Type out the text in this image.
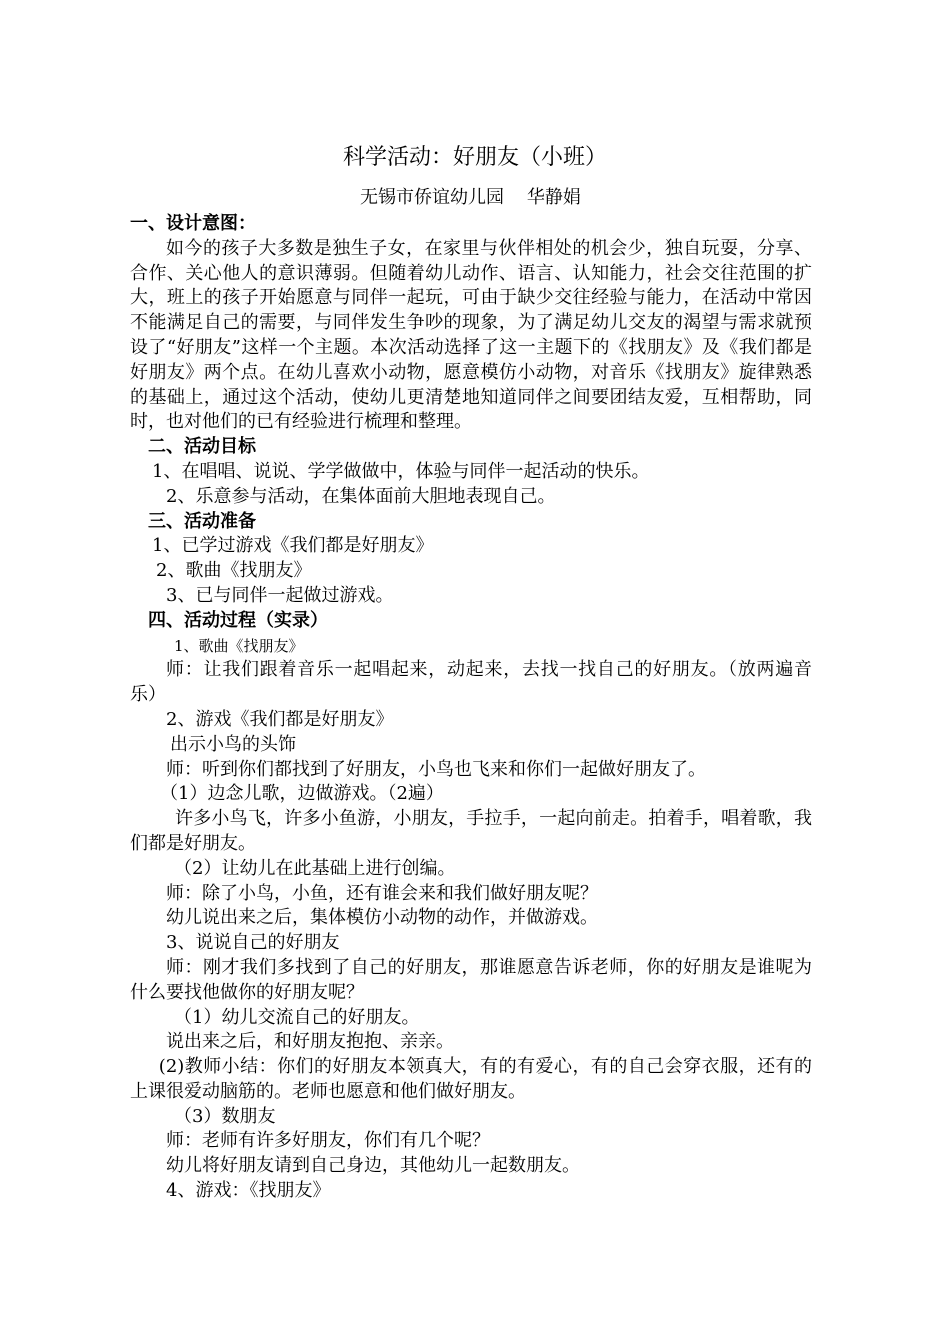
科学活动：好朋友（小班）
无锡市侨谊幼儿园    华静娟

一、设计意图：

如今的孩子大多数是独生子女，在家里与伙伴相处的机会少，独自玩耍，分享、合作、关心他人的意识薄弱。但随着幼儿动作、语言、认知能力，社会交往范围的扩大，班上的孩子开始愿意与同伴一起玩，可由于缺少交往经验与能力，在活动中常因不能满足自己的需要，与同伴发生争吵的现象，为了满足幼儿交友的渴望与需求就预设了“好朋友”这样一个主题。本次活动选择了这一主题下的《找朋友》及《我们都是好朋友》两个点。在幼儿喜欢小动物，愿意模仿小动物，对音乐《找朋友》旋律熟悉的基础上，通过这个活动，使幼儿更清楚地知道同伴之间要团结友爱，互相帮助，同时，也对他们的已有经验进行梳理和整理。

二、活动目标

1、在唱唱、说说、学学做做中，体验与同伴一起活动的快乐。

2、乐意参与活动，在集体面前大胆地表现自己。

三、活动准备

1、已学过游戏《我们都是好朋友》

2、歌曲《找朋友》

3、已与同伴一起做过游戏。

四、活动过程（实录）

1、歌曲《找朋友》

师：让我们跟着音乐一起唱起来，动起来，去找一找自己的好朋友。（放两遍音乐）

2、游戏《我们都是好朋友》

出示小鸟的头饰

师：听到你们都找到了好朋友，小鸟也飞来和你们一起做好朋友了。

（1）边念儿歌，边做游戏。（2遍）

许多小鸟飞，许多小鱼游，小朋友，手拉手，一起向前走。拍着手，唱着歌，我们都是好朋友。

（2）让幼儿在此基础上进行创编。

师：除了小鸟，小鱼，还有谁会来和我们做好朋友呢？

幼儿说出来之后，集体模仿小动物的动作，并做游戏。

3、说说自己的好朋友

师：刚才我们多找到了自己的好朋友，那谁愿意告诉老师，你的好朋友是谁呢为什么要找他做你的好朋友呢？

（1）幼儿交流自己的好朋友。

说出来之后，和好朋友抱抱、亲亲。

(2)教师小结：你们的好朋友本领真大，有的有爱心，有的自己会穿衣服，还有的上课很爱动脑筋的。老师也愿意和他们做好朋友。

（3）数朋友

师：老师有许多好朋友，你们有几个呢？

幼儿将好朋友请到自己身边，其他幼儿一起数朋友。

4、游戏：《找朋友》
